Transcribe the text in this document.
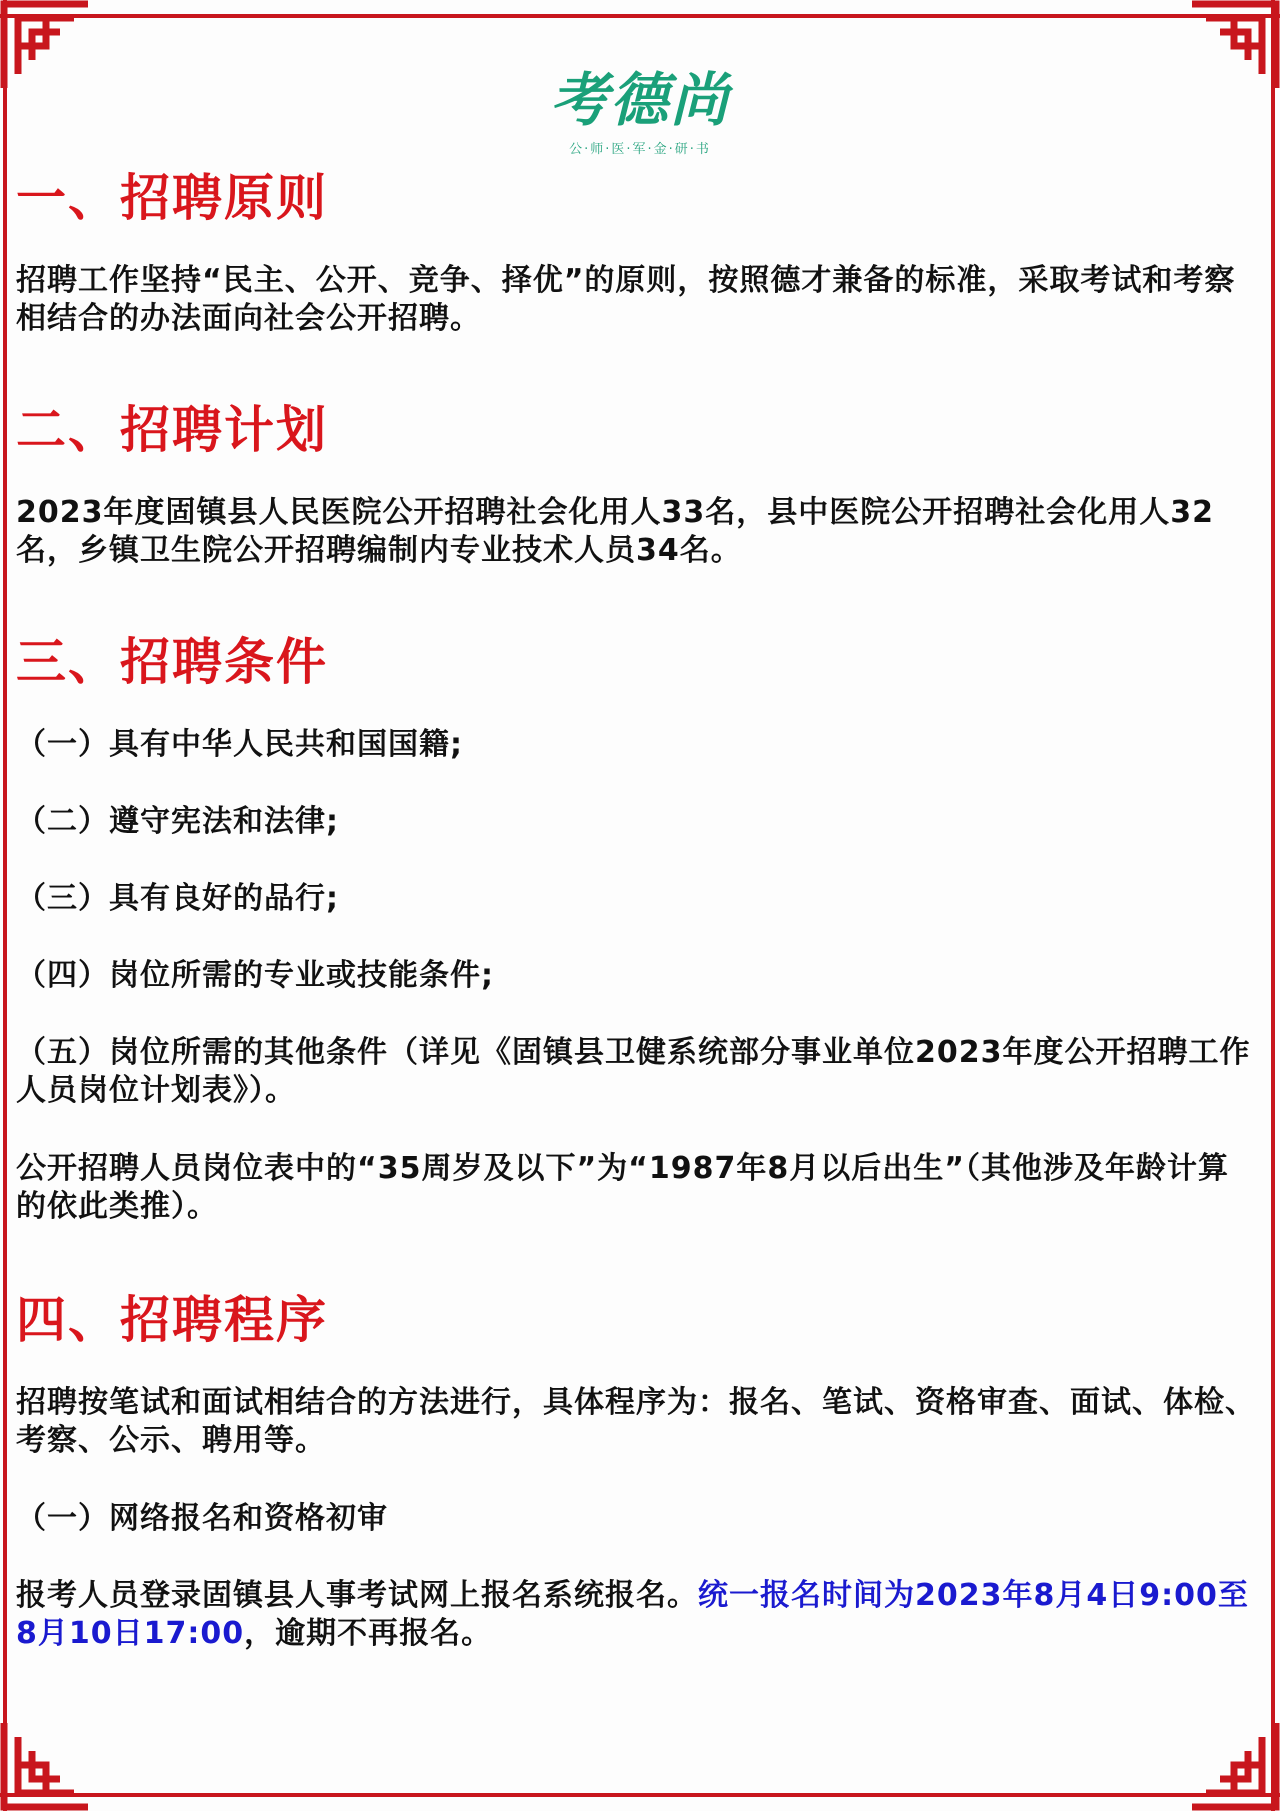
考德尚
公·师·医·军·金·研·书
一、招聘原则
招聘工作坚持“民主、公开、竞争、择优”的原则，按照德才兼备的标准，采取考试和考察相结合的办法面向社会公开招聘。
二、招聘计划
2023年度固镇县人民医院公开招聘社会化用人33名，县中医院公开招聘社会化用人32名，乡镇卫生院公开招聘编制内专业技术人员34名。
三、招聘条件
（一）具有中华人民共和国国籍;
（二）遵守宪法和法律;
（三）具有良好的品行;
（四）岗位所需的专业或技能条件;
（五）岗位所需的其他条件（详见《固镇县卫健系统部分事业单位2023年度公开招聘工作人员岗位计划表》）。
公开招聘人员岗位表中的“35周岁及以下”为“1987年8月以后出生”（其他涉及年龄计算的依此类推）。
四、招聘程序
招聘按笔试和面试相结合的方法进行，具体程序为：报名、笔试、资格审查、面试、体检、考察、公示、聘用等。
（一）网络报名和资格初审
报考人员登录固镇县人事考试网上报名系统报名。统一报名时间为2023年8月4日9:00至8月10日17:00，逾期不再报名。
